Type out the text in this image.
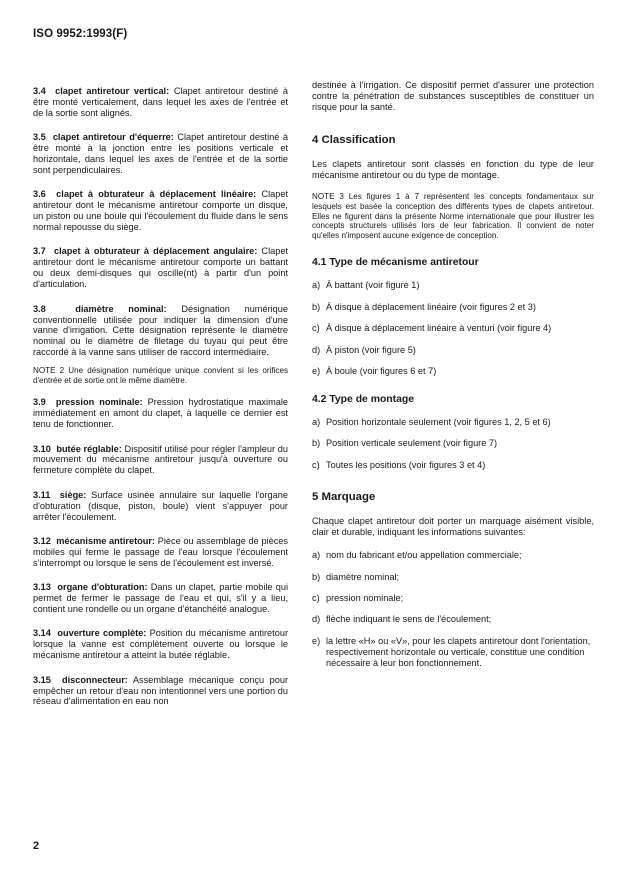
ISO 9952:1993(F)

3.4 clapet antiretour vertical: Clapet antiretour destiné à être monté verticalement, dans lequel les axes de l'entrée et de la sortie sont alignés.

3.5 clapet antiretour d'équerre: Clapet antiretour destiné à être monté à la jonction entre les positions verticale et horizontale, dans lequel les axes de l'entrée et de la sortie sont perpendiculaires.

3.6 clapet à obturateur à déplacement linéaire: Clapet antiretour dont le mécanisme antiretour comporte un disque, un piston ou une boule qui l'écoulement du fluide dans le sens normal repousse du siège.

3.7 clapet à obturateur à déplacement angulaire: Clapet antiretour dont le mécanisme antiretour comporte un battant ou deux demi-disques qui oscille(nt) à partir d'un point d'articulation.

3.8	diamètre nominal: Désignation numérique conventionnelle utilisée pour indiquer la dimension d'une vanne d'irrigation. Cette désignation représente le diamètre nominal ou le diamètre de filetage du tuyau qui peut être raccordé à la vanne sans utiliser de raccord intermédiaire.

NOTE 2 Une désignation numérique unique convient si les orifices d'entrée et de sortie ont le même diamètre.

3.9 pression nominale: Pression hydrostatique maximale immédiatement en amont du clapet, à laquelle ce dernier est tenu de fonctionner.

3.10 butée réglable: Dispositif utilisé pour régler l'ampleur du mouvement du mécanisme antiretour jusqu'à ouverture ou fermeture complète du clapet.

3.11 siège: Surface usinée annulaire sur laquelle l'organe d'obturation (disque, piston, boule) vient s'appuyer pour arrêter l'écoulement.

3.12 mécanisme antiretour: Pièce ou assemblage de pièces mobiles qui ferme le passage de l'eau lorsque l'écoulement s'interrompt ou lorsque le sens de l'écoulement est inversé.

3.13 organe d'obturation: Dans un clapet, partie mobile qui permet de fermer le passage de l'eau et qui, s'il y a lieu, contient une rondelle ou un organe d'étanchéité analogue.

3.14 ouverture complète: Position du mécanisme antiretour lorsque la vanne est complètement ouverte ou lorsque le mécanisme antiretour a atteint la butée réglable.

3.15 disconnecteur: Assemblage mécanique conçu pour empêcher un retour d'eau non intentionnel vers une portion du réseau d'alimentation en eau non

destinée à l'irrigation. Ce dispositif permet d'assurer une protection contre la pénétration de substances susceptibles de constituer un risque pour la santé.

4 Classification

Les clapets antiretour sont classés en fonction du type de leur mécanisme antiretour ou du type de montage.

NOTE 3 Les figures 1 à 7 représentent les concepts fondamentaux sur lesquels est basée la conception des différents types de clapets antiretour. Elles ne figurent dans la présente Norme internationale que pour illustrer les concepts structurels utilisés lors de leur fabrication. Il convient de noter qu'elles n'imposent aucune exigence de conception.

4.1 Type de mécanisme antiretour
a) À battant (voir figure 1)
b) À disque à déplacement linéaire (voir figures 2 et 3)
c) À disque à déplacement linéaire à venturi (voir figure 4)
d) À piston (voir figure 5)
e) À boule (voir figures 6 et 7)
4.2 Type de montage
a) Position horizontale seulement (voir figures 1, 2, 5 et 6)
b) Position verticale seulement (voir figure 7)
c) Toutes les positions (voir figures 3 et 4)
5 Marquage

Chaque clapet antiretour doit porter un marquage aisément visible, clair et durable, indiquant les informations suivantes:

a) nom du fabricant et/ou appellation commerciale;
b) diamètre nominal;
c) pression nominale;
d) flèche indiquant le sens de l'écoulement;
e) la lettre «H» ou «V», pour les clapets antiretour dont l'orientation, respectivement horizontale ou verticale, constitue une condition nécessaire à leur bon fonctionnement.
2
